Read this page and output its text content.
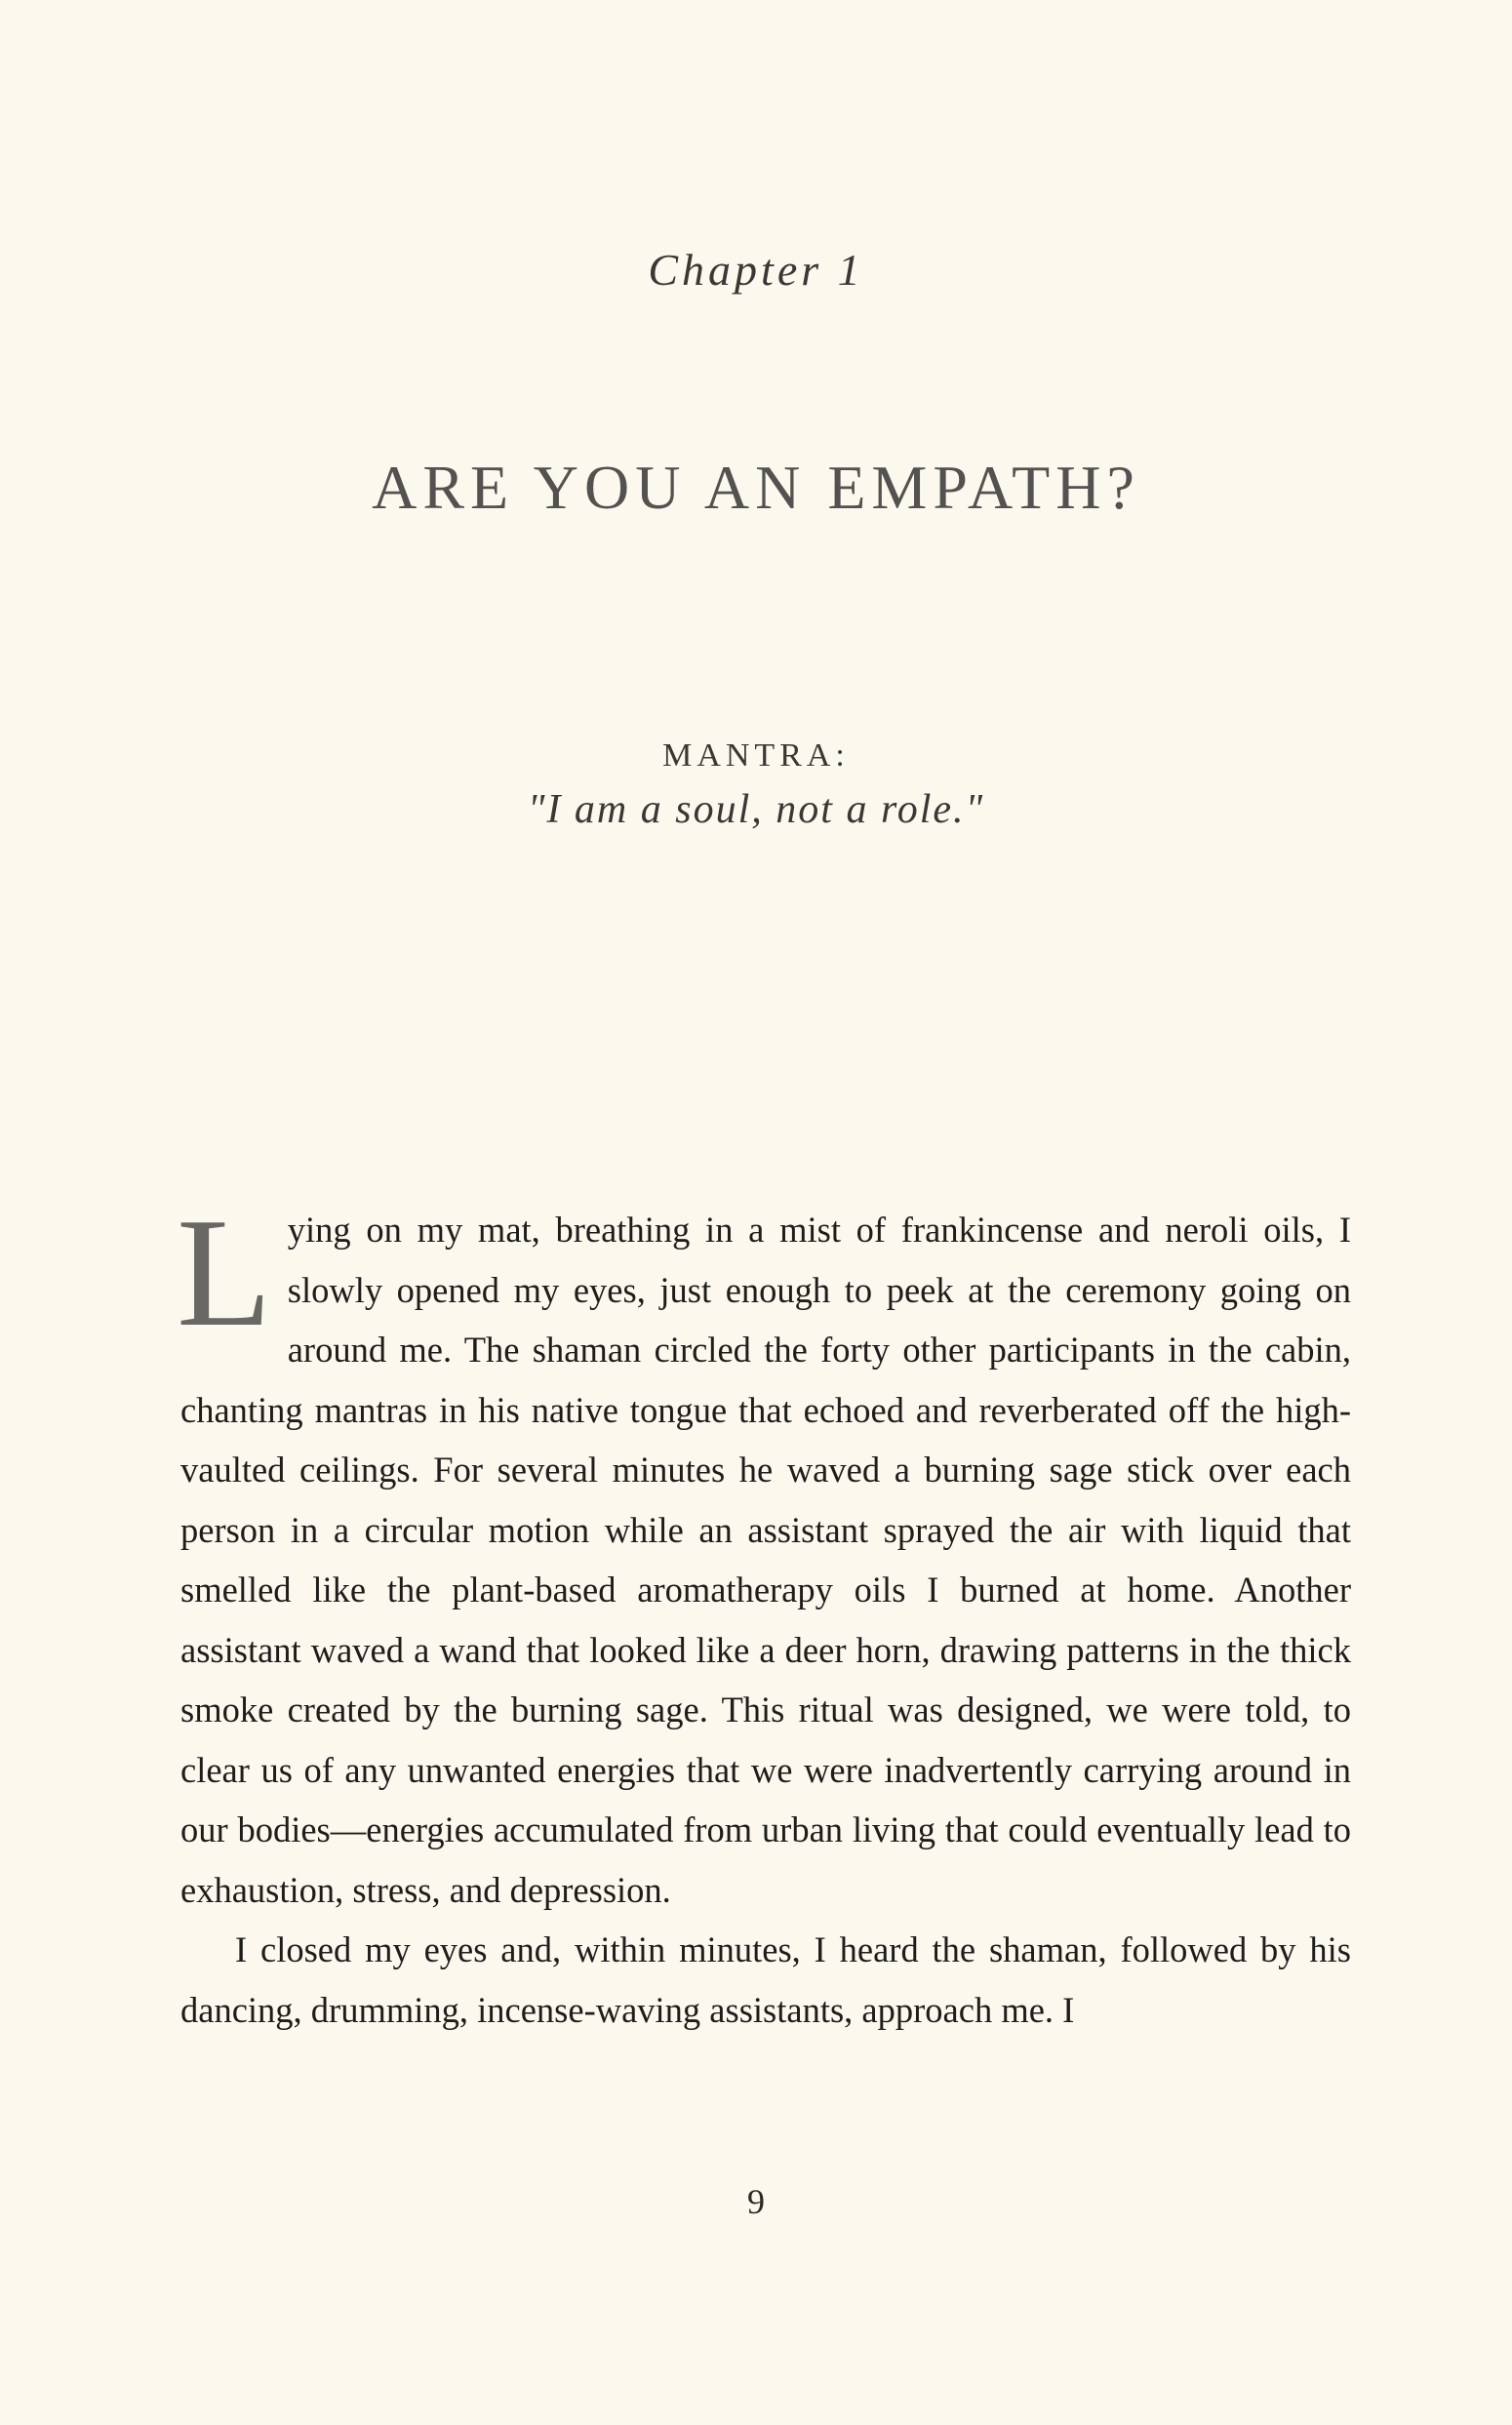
Chapter 1
ARE YOU AN EMPATH?
MANTRA:
"I am a soul, not a role."

Lying on my mat, breathing in a mist of frankincense and neroli oils, I slowly opened my eyes, just enough to peek at the ceremony going on around me. The shaman circled the forty other participants in the cabin, chanting mantras in his native tongue that echoed and reverberated off the high-vaulted ceilings. For several minutes he waved a burning sage stick over each person in a circular motion while an assistant sprayed the air with liquid that smelled like the plant-based aromatherapy oils I burned at home. Another assistant waved a wand that looked like a deer horn, drawing patterns in the thick smoke created by the burning sage. This ritual was designed, we were told, to clear us of any unwanted energies that we were inadvertently carrying around in our bodies—energies accumulated from urban living that could eventually lead to exhaustion, stress, and depression.

I closed my eyes and, within minutes, I heard the shaman, followed by his dancing, drumming, incense-waving assistants, approach me. I

9
